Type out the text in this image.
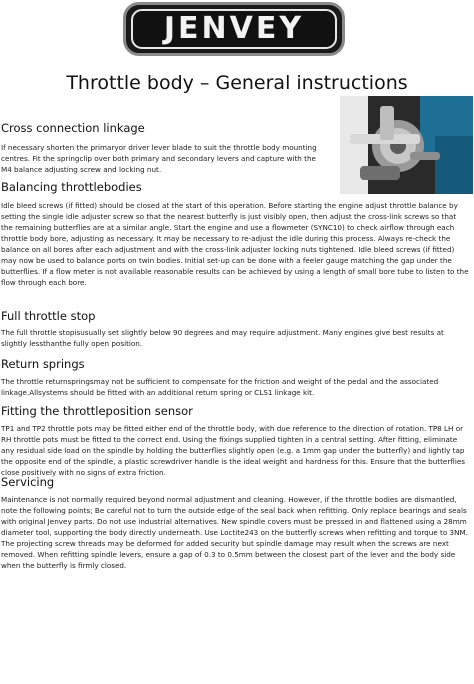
JENVEY
Throttle body – General instructions
Cross connection linkage

If necessary shorten the primaryor driver lever blade to suit the throttle body mounting centres. Fit the springclip over both primary and secondary levers and capture with the M4 balance adjusting screw and locking nut.

Balancing throttlebodies

Idle bleed screws (if fitted) should be closed at the start of this operation. Before starting the engine adjust throttle balance by setting the single idle adjuster screw so that the nearest butterfly is just visibly open, then adjust the cross-link screws so that the remaining butterflies are at a similar angle. Start the engine and use a flowmeter (SYNC10) to check airflow through each throttle body bore, adjusting as necessary. It may be necessary to re-adjust the idle during this process. Always re-check the balance on all bores after each adjustment and with the cross-link adjuster locking nuts tightened. Idle bleed screws (if fitted) may now be used to balance ports on twin bodies. Initial set-up can be done with a feeler gauge matching the gap under the butterflies. If a flow meter is not available reasonable results can be achieved by using a length of small bore tube to listen to the flow through each bore.

Full throttle stop

The full throttle stopisusually set slightly below 90 degrees and may require adjustment. Many engines give best results at slightly lessthanthe fully open position.

Return springs

The throttle returnspringsmay not be sufficient to compensate for the friction and weight of the pedal and the associated linkage.Allsystems should be fitted with an additional return spring or CLS1 linkage kit.

Fitting the throttleposition sensor

TP1 and TP2 throttle pots may be fitted either end of the throttle body, with due reference to the direction of rotation. TP8 LH or RH throttle pots must be fitted to the correct end. Using the fixings supplied tighten in a central setting. After fitting, eliminate any residual side load on the spindle by holding the butterflies slightly open (e.g. a 1mm gap under the butterfly) and lightly tap the opposite end of the spindle, a plastic screwdriver handle is the ideal weight and hardness for this. Ensure that the butterflies close positively with no signs of extra friction.

Servicing

Maintenance is not normally required beyond normal adjustment and cleaning. However, if the throttle bodies are dismantled, note the following points; Be careful not to turn the outside edge of the seal back when refitting. Only replace bearings and seals with original Jenvey parts. Do not use industrial alternatives. New spindle covers must be pressed in and flattened using a 28mm diameter tool, supporting the body directly underneath. Use Loctite243 on the butterfly screws when refitting and torque to 3NM. The projecting screw threads may be deformed for added security but spindle damage may result when the screws are next removed. When refitting spindle levers, ensure a gap of 0.3 to 0.5mm between the closest part of the lever and the body side when the butterfly is firmly closed.
